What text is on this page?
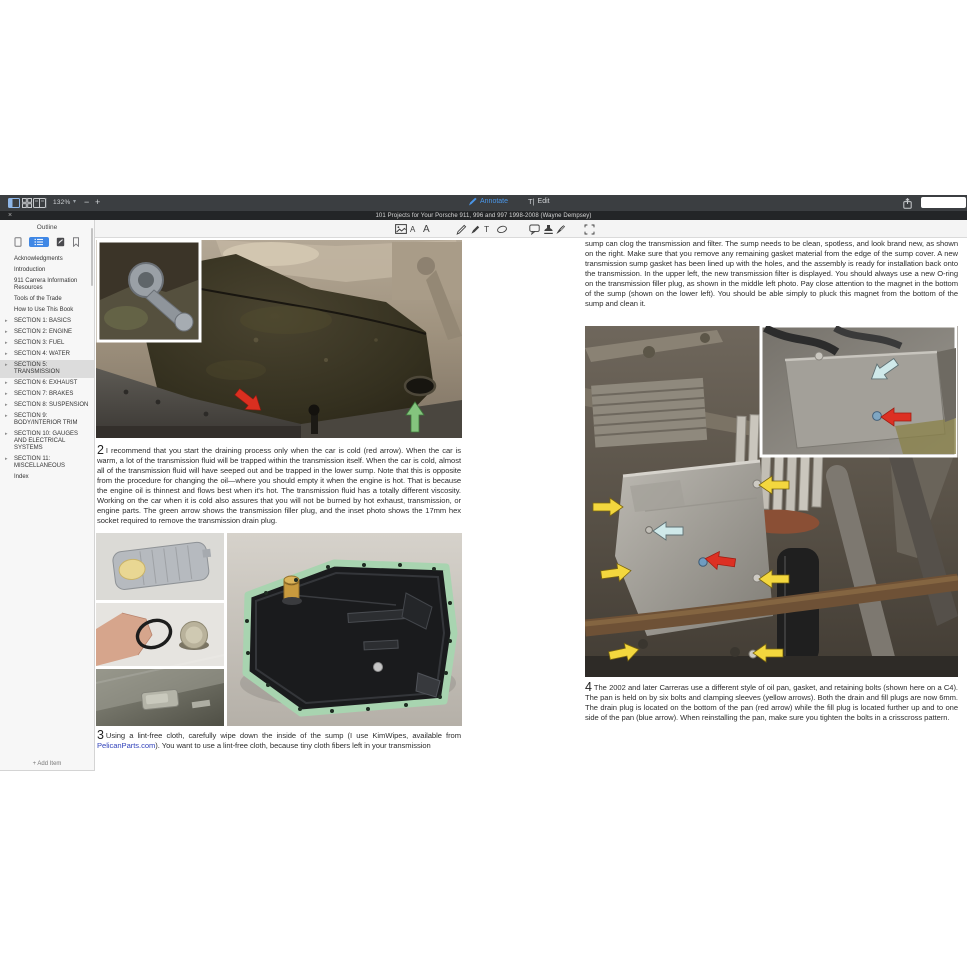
132% ▾ − +	Annotate	T| Edit
×	101 Projects for Your Porsche 911, 996 and 997 1998-2008 (Wayne Dempsey)
Outline
Acknowledgments
Introduction
911 Carrera Information Resources
Tools of the Trade
How to Use This Book
▸ SECTION 1: BASICS
▸ SECTION 2: ENGINE
▸ SECTION 3: FUEL
▸ SECTION 4: WATER
▸ SECTION 5: TRANSMISSION
▸ SECTION 6: EXHAUST
▸ SECTION 7: BRAKES
▸ SECTION 8: SUSPENSION
▸ SECTION 9: BODY/INTERIOR TRIM
▸ SECTION 10: GAUGES AND ELECTRICAL SYSTEMS
▸ SECTION 11: MISCELLANEOUS
Index
+ Add Item
A A	T
2 I recommend that you start the draining process only when the car is cold (red arrow). When the car is warm, a lot of the transmission fluid will be trapped within the transmission itself. When the car is cold, almost all of the transmission fluid will have seeped out and be trapped in the lower sump. Note that this is opposite from the procedure for changing the oil—where you should empty it when the engine is hot. That is because the engine oil is thinnest and flows best when it's hot. The transmission fluid has a totally different viscosity. Working on the car when it is cold also assures that you will not be burned by hot exhaust, transmission, or engine parts. The green arrow shows the transmission filler plug, and the inset photo shows the 17mm hex socket required to remove the transmission drain plug.
3 Using a lint-free cloth, carefully wipe down the inside of the sump (I use KimWipes, available from PelicanParts.com). You want to use a lint-free cloth, because tiny cloth fibers left in your transmission
sump can clog the transmission and filter. The sump needs to be clean, spotless, and look brand new, as shown on the right. Make sure that you remove any remaining gasket material from the edge of the sump cover. A new transmission sump gasket has been lined up with the holes, and the assembly is ready for installation back onto the transmission. In the upper left, the new transmission filter is displayed. You should always use a new O-ring on the transmission filler plug, as shown in the middle left photo. Pay close attention to the magnet in the bottom of the sump (shown on the lower left). You should be able simply to pluck this magnet from the bottom of the sump and clean it.
4 The 2002 and later Carreras use a different style of oil pan, gasket, and retaining bolts (shown here on a C4). The pan is held on by six bolts and clamping sleeves (yellow arrows). Both the drain and fill plugs are now 6mm. The drain plug is located on the bottom of the pan (red arrow) while the fill plug is located further up and to one side of the pan (blue arrow). When reinstalling the pan, make sure you tighten the bolts in a crisscross pattern.
